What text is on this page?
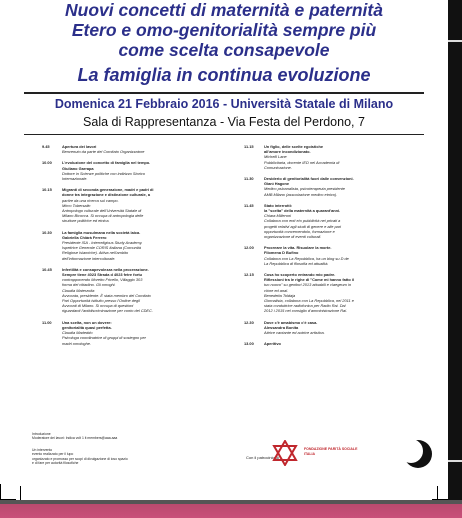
Nuovi concetti di maternità e paternità
Etero e omo-genitorialità sempre più
come scelta consapevole
La famiglia in continua evoluzione
Domenica 21 Febbraio 2016 - Università Statale di Milano
Sala di Rappresentanza - Via Festa del Perdono, 7
9.45	Apertura dei lavori
Benvenuto da parte del Comitato Organizzatore
10.00	L'evoluzione del concetto di famiglia nel tempo.
Giuliano Garrapa
Dottore in Scienze politiche con indirizzo Storico
Internazionale.
10.15	Migranti di seconda generazione, madri e padri di
donne tra integrazione e distinzione culturale, a
partire da una ricerca sul campo.
Mirco Tubersalin
Antropologo culturale dell'Università Statale di
Milano Bicocca. Si occupa di antropologia delle
strutture politiche ed etnica.
10.30	La famiglia musulmana nella società laica.
Gabriella Chiàrà Ferrero
Presidente ISA - Interreligious Study Academy.
Ispettrice Generale CORIS Italiana (Comunità
Religiose Islamiche). Attiva nell'ambito
dell'informazione interculturale.
10.45	Infertilità e consapevolezza nella procreazione.
Sempre tiene 4023 Strada d 4023 fetre fortu
contrapponendo Moretto Frivello, Villaggio 303
forma del cittadino. Gli omoghi.
Claudia Materzolta
Avvocata, presidente. È stata membro del Comitato
Pari Opportunità istituito presso l'Ordine degli
Avvocati di Milano. Si occupa di questioni
riguardanti l'antidiscriminazione per conto del CDEC.
11.00	Una scelta, non un dovere:
genitorialità quasi perfetta.
Claudia Madeddo
Psicologa coordinatrice di gruppi di sostegno per
madri omologhe.
11.15	Un figlio, delle scelte egoistiche
all'amore incondizionato.
Michelli Lane
Pubblicitaria, docente IED nel Accademia di
Comunicazione.
11.30	Desiderio di genitorialità fuori dalle convenzioni.
Gianì Hagone
Medico psicanalista, psicoterapeuta presidente
AMB Milano (associazione medico etnico).
11.45	Stato interrotti:
la "scelta" della maternità a quarant'anni.
Chiara Milleroni
Collabora con enti e/o pubblicità nei privati a
progetti relativi agli studi di genere e alle pari
opportunità concernendolo, formazione e
organizzazione di eventi culturali.
12.00	Procreare la vita. Risuolare la morte.
Filomena D Bufino
Collabora con La Repubblica, ha un blog su D de
La Repubblica di filosofia ed attualità.
12.15	Cosa ho scoperto entrando mio padre.
Riflessioni tra le righe di "Come mi hanno fatto il
tuo nuovo" su genitori 2013 attuabili e claegeum in
ciòne ed anal.
Benedetta Toldaja
Giornalista, collabora con La Repubblica, nel 2011 e
stata conduttrice radiofonica per Radio Rai. Dal
2012 i 2015 nel consiglio d'amministrazione Rai.
12.30	Dove c'è amabismo c'è casa.
Alessandra Bonita
Attrice cantante ed autrice artistica.
13.00	Aperitivo
Introduzione
Moderatore dei lavori: Indica volt 1 it members@aaa.aaa
Un intervento
evento realizzato per il lupo
organizzato e promosso per scopi di divulgazione di ioso spazio
e di fare per autorità filosofiche
Con il patrocinio di
FONDAZIONE PARITÀ SOCIALE
ITALIA
